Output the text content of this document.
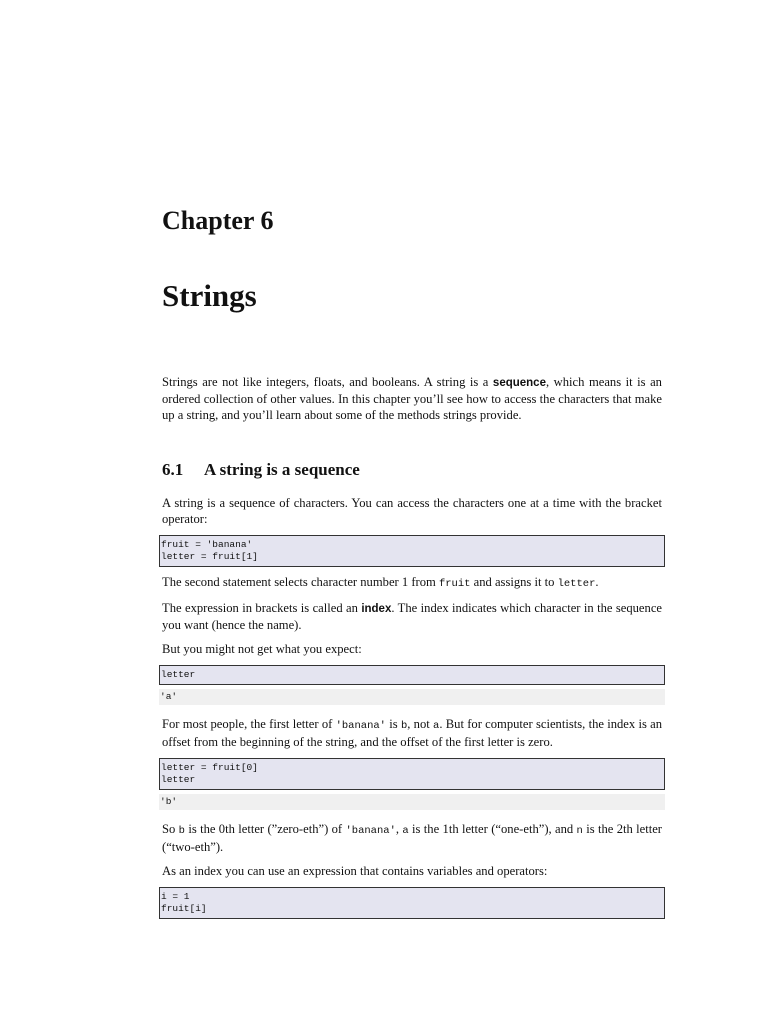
Chapter 6
Strings

Strings are not like integers, floats, and booleans. A string is a sequence, which means it is an ordered collection of other values. In this chapter you’ll see how to access the characters that make up a string, and you’ll learn about some of the methods strings provide.

6.1 A string is a sequence

A string is a sequence of characters. You can access the characters one at a time with the bracket operator:

fruit = 'banana'
letter = fruit[1]

The second statement selects character number 1 from fruit and assigns it to letter.

The expression in brackets is called an index. The index indicates which character in the sequence you want (hence the name).

But you might not get what you expect:

letter
'a'

For most people, the first letter of 'banana' is b, not a. But for computer scientists, the index is an offset from the beginning of the string, and the offset of the first letter is zero.

letter = fruit[0]
letter
'b'

So b is the 0th letter (”zero-eth”) of 'banana', a is the 1th letter (“one-eth”), and n is the 2th letter (“two-eth”).

As an index you can use an expression that contains variables and operators:

i = 1
fruit[i]
